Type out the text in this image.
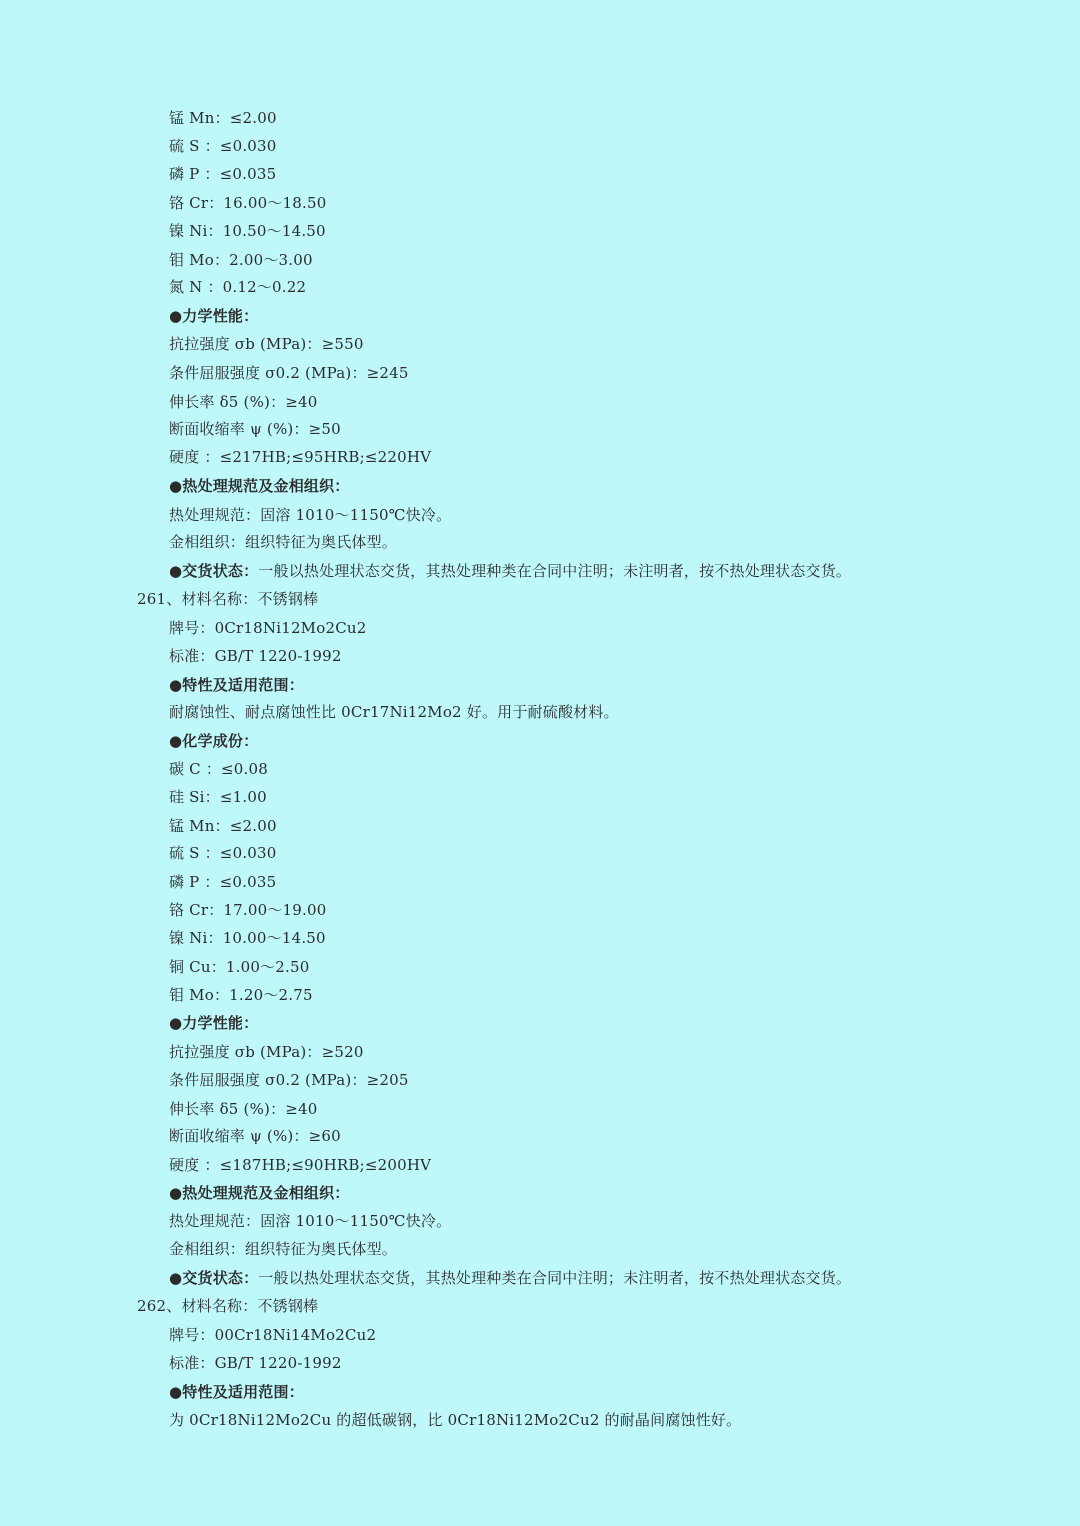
锰 Mn：≤2.00
硫 S ：≤0.030
磷 P ：≤0.035
铬 Cr：16.00～18.50
镍 Ni：10.50～14.50
钼 Mo：2.00～3.00
氮 N ：0.12～0.22
●力学性能：
抗拉强度 σb (MPa)：≥550
条件屈服强度 σ0.2 (MPa)：≥245
伸长率 δ5 (%)：≥40
断面收缩率 ψ (%)：≥50
硬度 ：≤217HB;≤95HRB;≤220HV
●热处理规范及金相组织：
热处理规范：固溶 1010～1150℃快冷。
金相组织：组织特征为奥氏体型。
●交货状态：一般以热处理状态交货，其热处理种类在合同中注明；未注明者，按不热处理状态交货。
261、材料名称：不锈钢棒
牌号：0Cr18Ni12Mo2Cu2
标准：GB/T 1220-1992
●特性及适用范围：
耐腐蚀性、耐点腐蚀性比 0Cr17Ni12Mo2 好。用于耐硫酸材料。
●化学成份：
碳 C ：≤0.08
硅 Si：≤1.00
锰 Mn：≤2.00
硫 S ：≤0.030
磷 P ：≤0.035
铬 Cr：17.00～19.00
镍 Ni：10.00～14.50
铜 Cu：1.00～2.50
钼 Mo：1.20～2.75
●力学性能：
抗拉强度 σb (MPa)：≥520
条件屈服强度 σ0.2 (MPa)：≥205
伸长率 δ5 (%)：≥40
断面收缩率 ψ (%)：≥60
硬度 ：≤187HB;≤90HRB;≤200HV
●热处理规范及金相组织：
热处理规范：固溶 1010～1150℃快冷。
金相组织：组织特征为奥氏体型。
●交货状态：一般以热处理状态交货，其热处理种类在合同中注明；未注明者，按不热处理状态交货。
262、材料名称：不锈钢棒
牌号：00Cr18Ni14Mo2Cu2
标准：GB/T 1220-1992
●特性及适用范围：
为 0Cr18Ni12Mo2Cu 的超低碳钢，比 0Cr18Ni12Mo2Cu2 的耐晶间腐蚀性好。
